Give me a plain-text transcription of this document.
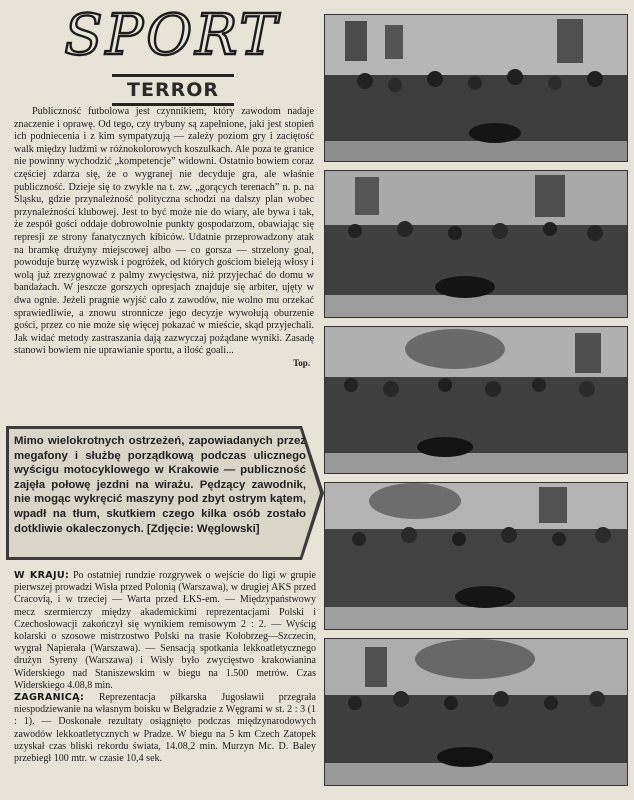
SPORT
TERROR

Publiczność futbolowa jest czynnikiem, który zawodom nadaje znaczenie i oprawę. Od tego, czy trybuny są zapełnione, jaki jest stopień ich podniecenia i z kim sympatyzują — zależy poziom gry i zaciętość walk między ludźmi w różnokolorowych koszulkach. Ale poza te granice nie powinny wychodzić „kompetencje” widowni. Ostatnio bowiem coraz częściej zdarza się, że o wygranej nie decyduje gra, ale właśnie publiczność. Dzieje się to zwykle na t. zw. „gorących terenach” n. p. na Śląsku, gdzie przynależność polityczna schodzi na dalszy plan wobec przynależności klubowej. Jest to być może nie do wiary, ale bywa i tak, że zespół gości oddaje dobrowolnie punkty gospodarzom, obawiając się represji ze strony fanatycznych kibiców. Udatnie przeprowadzony atak na bramkę drużyny miejscowej albo — co gorsza — strzelony goal, powoduje burzę wyzwisk i pogróżek, od których gościom bieleją włosy i wolą już zrezygnować z palmy zwycięstwa, niż przyjechać do domu w bandażach. W jeszcze gorszych opresjach znajduje się arbiter, ujęty w dwa ognie. Jeżeli pragnie wyjść cało z zawodów, nie wolno mu orzekać sprawiedliwie, a znowu stronnicze jego decyzje wywołują oburzenie gości, przez co nie może się więcej pokazać w mieście, skąd przyjechali. Jak widać metody zastraszania dają zazwyczaj pożądane wyniki. Zasadę stanowi bowiem nie uprawianie sportu, a ilość goali...

Top.
Mimo wielokrotnych ostrzeżeń, zapowiadanych przez megafony i służbę porządkową podczas ulicznego wyścigu motocyklowego w Krakowie — publiczność zajęła połowę jezdni na wirażu. Pędzący zawodnik, nie mogąc wykręcić maszyny pod zbyt ostrym kątem, wpadł na tłum, skutkiem czego kilka osób zostało dotkliwie okaleczonych. [Zdjęcie: Węglowski]

W KRAJU: Po ostatniej rundzie rozgrywek o wejście do ligi w grupie pierwszej prowadzi Wisła przed Polonią (Warszawa), w drugiej AKS przed Cracovią, i w trzeciej — Warta przed ŁKS-em. — Międzypaństwowy mecz szermierczy między akademickimi reprezentacjami Polski i Czechosłowacji zakończył się wynikiem remisowym 2 : 2. — Wyścig kolarski o szosowe mistrzostwo Polski na trasie Kołobrzeg—Szczecin, wygrał Napierała (Warszawa). — Sensacją spotkania lekkoatletycznego drużyn Syreny (Warszawa) i Wisły było zwycięstwo krakowianina Widerskiego nad Staniszewskim w biegu na 1.500 metrów. Czas Widerskiego 4.08,8 min.

ZAGRANICĄ: Reprezentacja piłkarska Jugosławii przegrała niespodziewanie na własnym boisku w Belgradzie z Węgrami w st. 2 : 3 (1 : 1). — Doskonałe rezultaty osiągnięto podczas międzynarodowych zawodów lekkoatletycznych w Pradze. W biegu na 5 km Czech Zatopek uzyskał czas bliski rekordu świata, 14.08,2 min. Murzyn Mc. D. Baley przebiegł 100 mtr. w czasie 10,4 sek.
